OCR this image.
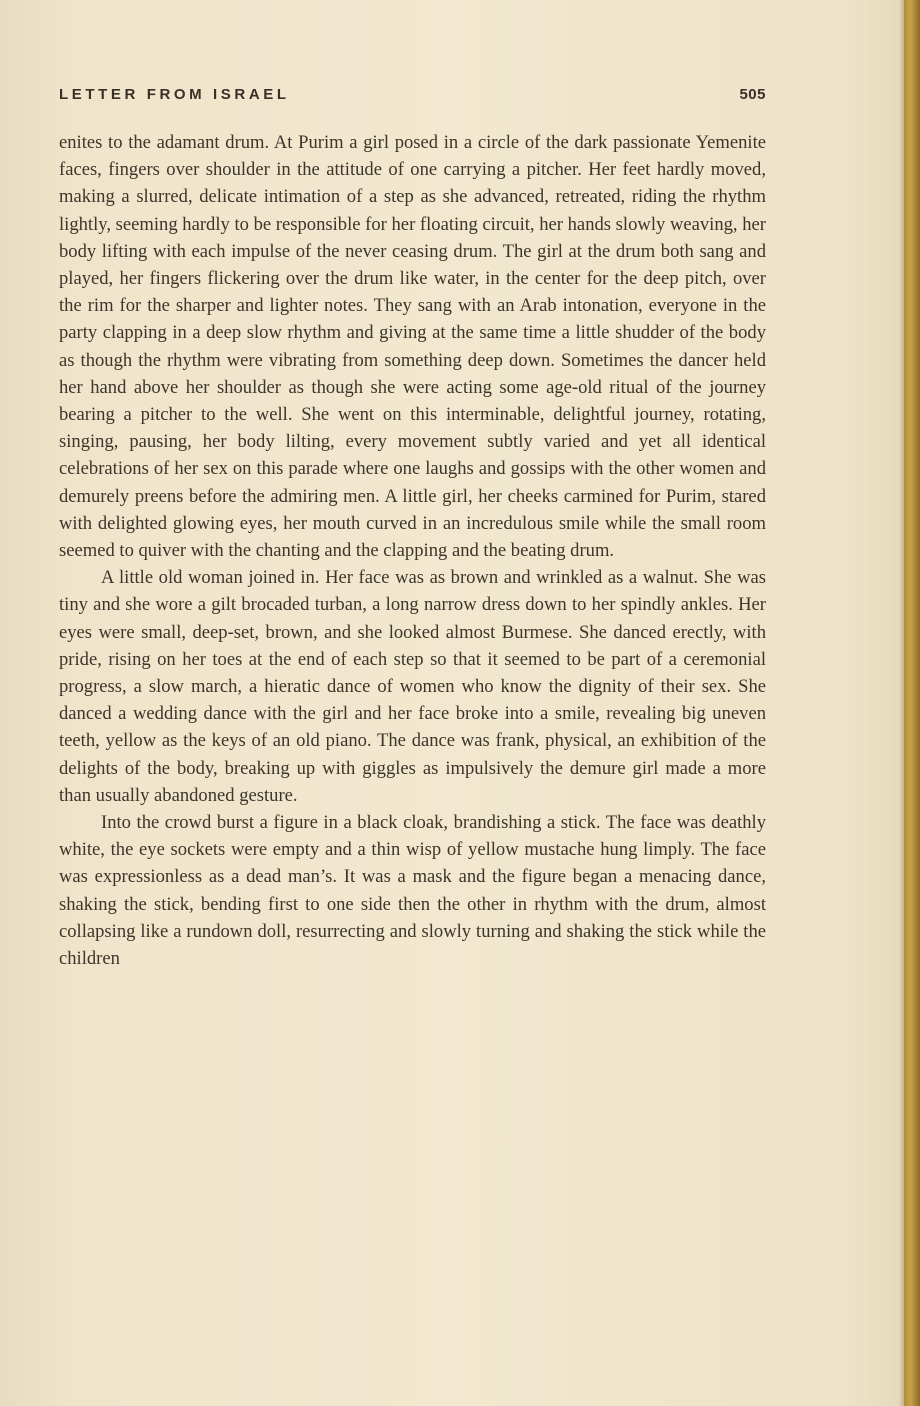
LETTER FROM ISRAEL	505

enites to the adamant drum. At Purim a girl posed in a circle of the dark passionate Yemenite faces, fingers over shoulder in the attitude of one carrying a pitcher. Her feet hardly moved, making a slurred, delicate intimation of a step as she advanced, retreated, riding the rhythm lightly, seeming hardly to be responsible for her floating circuit, her hands slowly weaving, her body lifting with each impulse of the never ceasing drum. The girl at the drum both sang and played, her fingers flickering over the drum like water, in the center for the deep pitch, over the rim for the sharper and lighter notes. They sang with an Arab intonation, everyone in the party clapping in a deep slow rhythm and giving at the same time a little shudder of the body as though the rhythm were vibrating from something deep down. Sometimes the dancer held her hand above her shoulder as though she were acting some age-old ritual of the journey bearing a pitcher to the well. She went on this interminable, delightful journey, rotating, singing, pausing, her body lilting, every movement subtly varied and yet all identical celebrations of her sex on this parade where one laughs and gossips with the other women and demurely preens before the admiring men. A little girl, her cheeks carmined for Purim, stared with delighted glowing eyes, her mouth curved in an incredulous smile while the small room seemed to quiver with the chanting and the clapping and the beating drum.

A little old woman joined in. Her face was as brown and wrinkled as a walnut. She was tiny and she wore a gilt brocaded turban, a long narrow dress down to her spindly ankles. Her eyes were small, deep-set, brown, and she looked almost Burmese. She danced erectly, with pride, rising on her toes at the end of each step so that it seemed to be part of a ceremonial progress, a slow march, a hieratic dance of women who know the dignity of their sex. She danced a wedding dance with the girl and her face broke into a smile, revealing big uneven teeth, yellow as the keys of an old piano. The dance was frank, physical, an exhibition of the delights of the body, breaking up with giggles as impulsively the demure girl made a more than usually abandoned gesture.

Into the crowd burst a figure in a black cloak, brandishing a stick. The face was deathly white, the eye sockets were empty and a thin wisp of yellow mustache hung limply. The face was expressionless as a dead man’s. It was a mask and the figure began a menacing dance, shaking the stick, bending first to one side then the other in rhythm with the drum, almost collapsing like a rundown doll, resurrecting and slowly turning and shaking the stick while the children
